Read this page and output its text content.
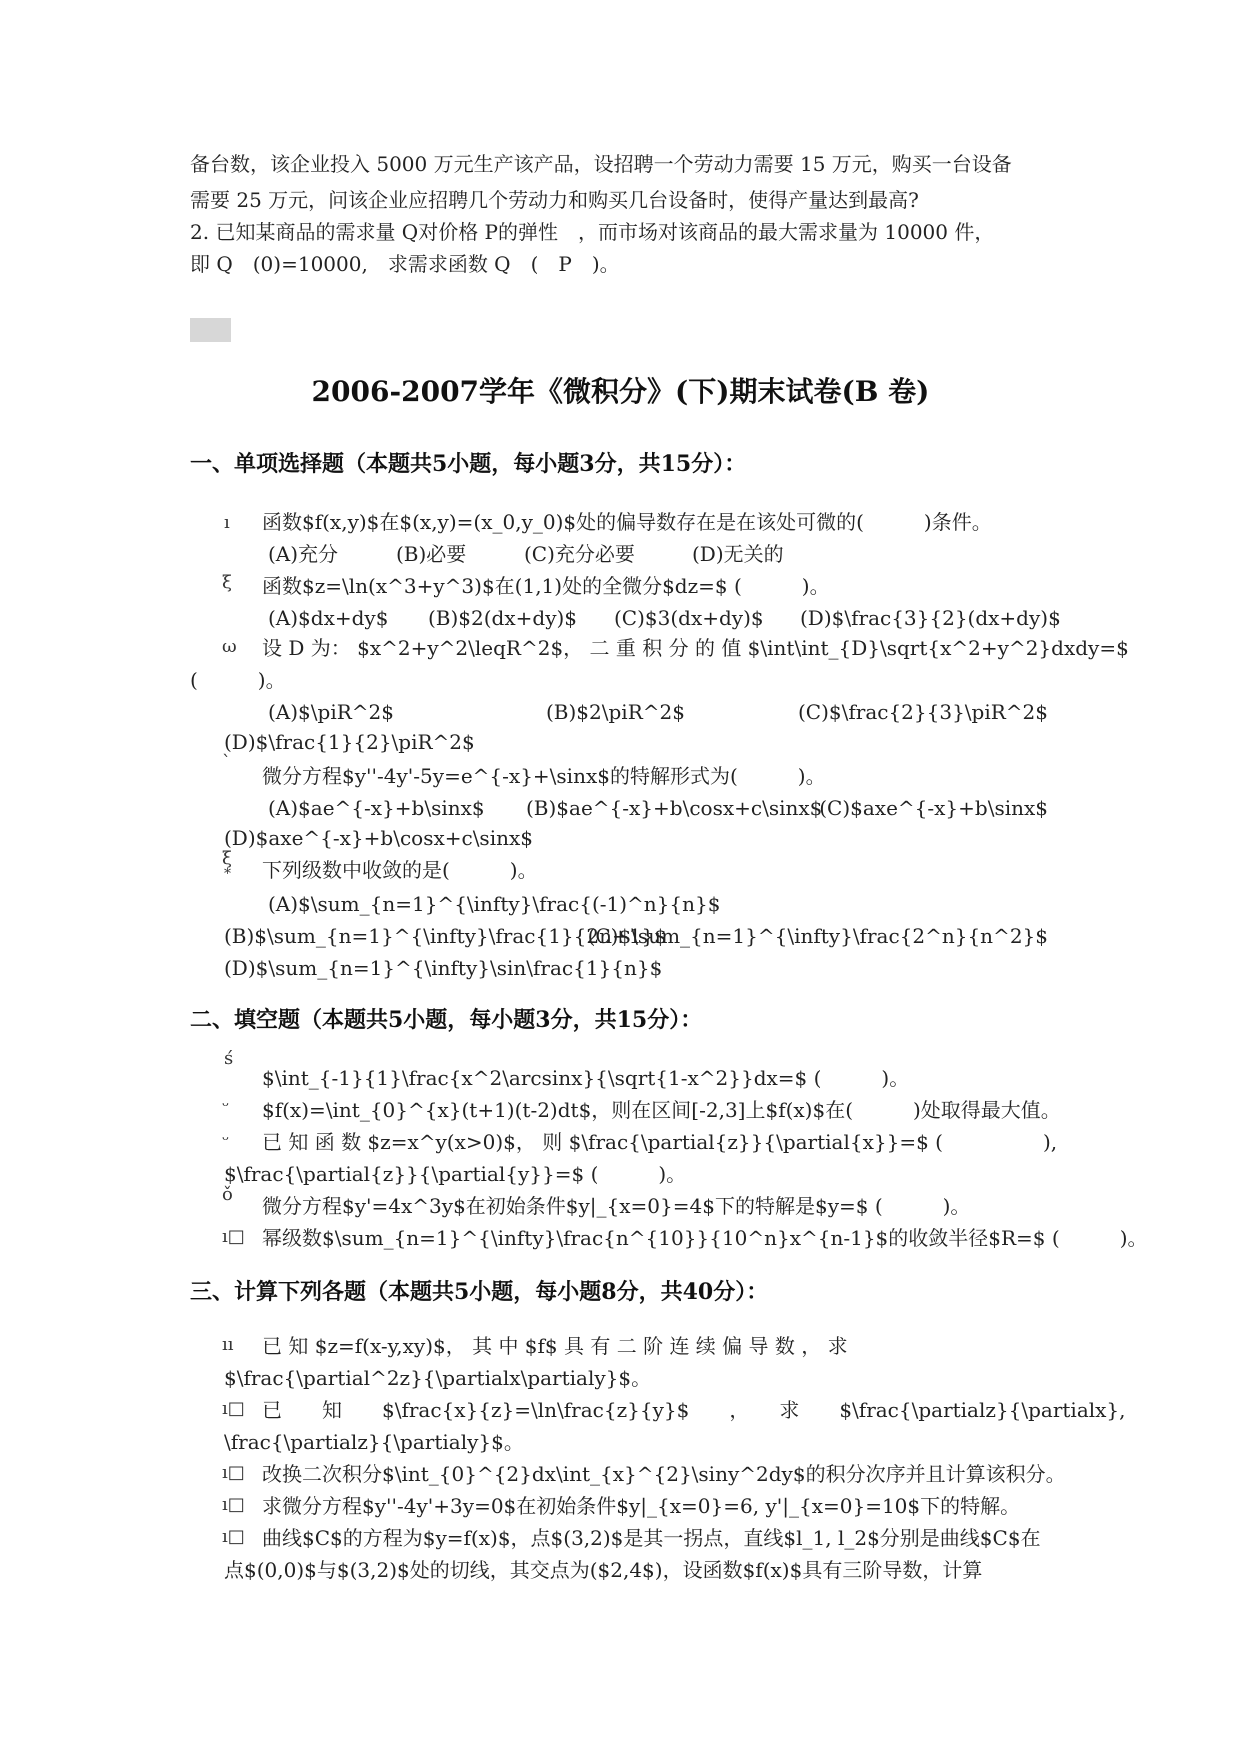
备台数，该企业投入 5000 万元生产该产品，设招聘一个劳动力需要 15 万元，购买一台设备
需要 25 万元，问该企业应招聘几个劳动力和购买几台设备时，使得产量达到最高?
2. 已知某商品的需求量 Q对价格 P的弹性　，而市场对该商品的最大需求量为 10000 件，
即 Q　(0)=10000,　求需求函数 Q　(　P　)。
2006-2007学年《微积分》(下)期末试卷(B 卷)
一、单项选择题（本题共5小题，每小题3分，共15分）：
ı 函数$f(x,y)$在$(x,y)=(x_0,y_0)$处的偏导数存在是在该处可微的(　　　)条件。
(A)充分	(B)必要	(C)充分必要	(D)无关的
ξ 函数$z=\ln(x^3+y^3)$在(1,1)处的全微分$dz=$ (　　　)。
(A)$dx+dy$ (B)$2(dx+dy)$ (C)$3(dx+dy)$ (D)$\frac{3}{2}(dx+dy)$
ω 设 D 为： $x^2+y^2\leqR^2$， 二 重 积 分 的 值 $\int\int_{D}\sqrt{x^2+y^2}dxdy=$
(　　　)。
(A)$\piR^2$	(B)$2\piR^2$	(C)$\frac{2}{3}\piR^2$
(D)$\frac{1}{2}\piR^2$
`
微分方程$y''-4y'-5y=e^{-x}+\sinx$的特解形式为(　　　)。
(A)$ae^{-x}+b\sinx$ (B)$ae^{-x}+b\cosx+c\sinx$
(C)$axe^{-x}+b\sinx$
(D)$axe^{-x}+b\cosx+c\sinx$
ξ
* 下列级数中收敛的是(　　　)。
(A)$\sum_{n=1}^{\infty}\frac{(-1)^n}{n}$
(B)$\sum_{n=1}^{\infty}\frac{1}{2n+1}$
(C)$\sum_{n=1}^{\infty}\frac{2^n}{n^2}$
(D)$\sum_{n=1}^{\infty}\sin\frac{1}{n}$
二、填空题（本题共5小题，每小题3分，共15分）：
ś
$\int_{-1}{1}\frac{x^2\arcsinx}{\sqrt{1-x^2}}dx=$ (　　　)。
ᵕ $f(x)=\int_{0}^{x}(t+1)(t-2)dt$，则在区间[-2,3]上$f(x)$在(　　　)处取得最大值。
ᵕ 已 知 函 数 $z=x^y(x>0)$， 则 $\frac{\partial{z}}{\partial{x}}=$ (　　　　　),
$\frac{\partial{z}}{\partial{y}}=$ (　　　)。
ǒ 微分方程$y'=4x^3y$在初始条件$y|_{x=0}=4$下的特解是$y=$ (　　　)。
ı□ 幂级数$\sum_{n=1}^{\infty}\frac{n^{10}}{10^n}x^{n-1}$的收敛半径$R=$ (　　　)。
三、计算下列各题（本题共5小题，每小题8分，共40分）：
ıı 已 知 $z=f(x-y,xy)$， 其 中 $f$ 具 有 二 阶 连 续 偏 导 数 ， 求
$\frac{\partial^2z}{\partialx\partialy}$。
ı□ 已　　知　　$\frac{x}{z}=\ln\frac{z}{y}$　　，　　求　　$\frac{\partialz}{\partialx},
\frac{\partialz}{\partialy}$。
ı□ 改换二次积分$\int_{0}^{2}dx\int_{x}^{2}\siny^2dy$的积分次序并且计算该积分。
ı□ 求微分方程$y''-4y'+3y=0$在初始条件$y|_{x=0}=6, y'|_{x=0}=10$下的特解。
ı□ 曲线$C$的方程为$y=f(x)$，点$(3,2)$是其一拐点，直线$l_1, l_2$分别是曲线$C$在
点$(0,0)$与$(3,2)$处的切线，其交点为($2,4$)，设函数$f(x)$具有三阶导数，计算
